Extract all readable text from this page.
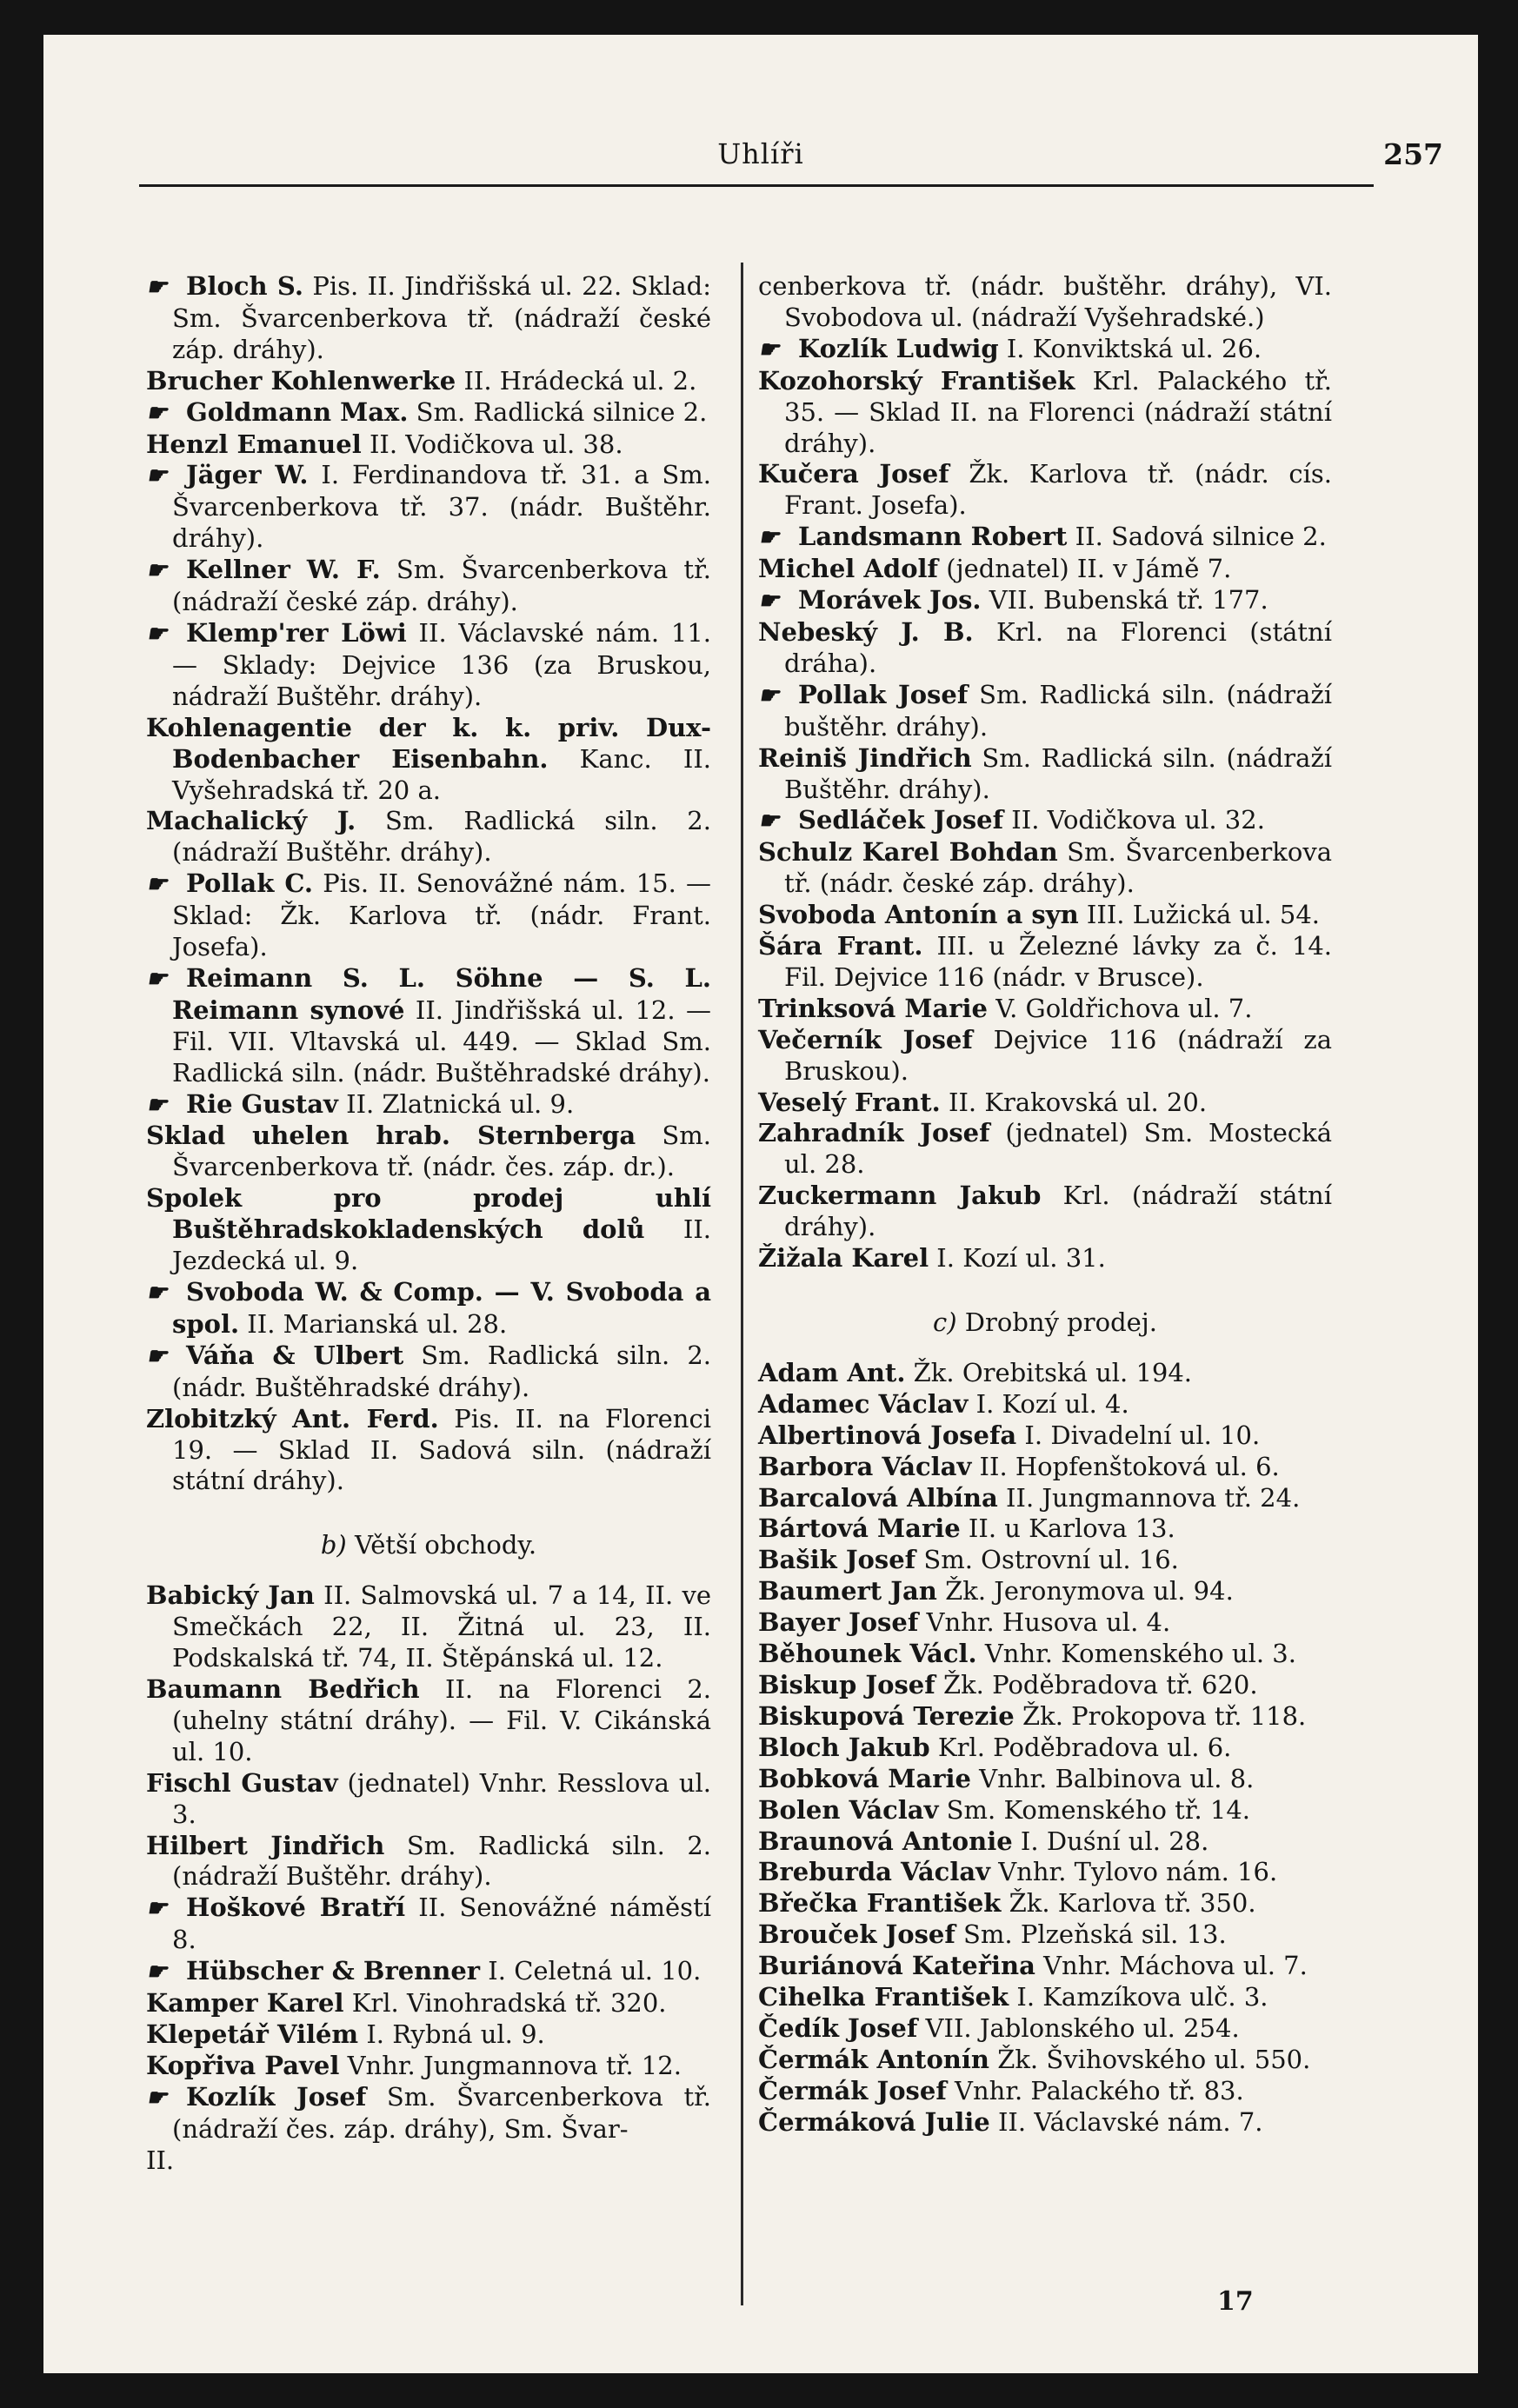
Uhlíři	257

☛ Bloch S. Pis. II. Jindřišská ul. 22. Sklad: Sm. Švarcenberkova tř. (nádraží české záp. dráhy).

Brucher Kohlenwerke II. Hrádecká ul. 2.

☛ Goldmann Max. Sm. Radlická silnice 2.

Henzl Emanuel II. Vodičkova ul. 38.

☛ Jäger W. I. Ferdinandova tř. 31. a Sm. Švarcenberkova tř. 37. (nádr. Buštěhr. dráhy).

☛ Kellner W. F. Sm. Švarcenberkova tř. (nádraží české záp. dráhy).

☛ Klemp'rer Löwi II. Václavské nám. 11. — Sklady: Dejvice 136 (za Bruskou, nádraží Buštěhr. dráhy).

Kohlenagentie der k. k. priv. Dux-Bodenbacher Eisenbahn. Kanc. II. Vyšehradská tř. 20 a.

Machalický J. Sm. Radlická siln. 2. (nádraží Buštěhr. dráhy).

☛ Pollak C. Pis. II. Senovážné nám. 15. — Sklad: Žk. Karlova tř. (nádr. Frant. Josefa).

☛ Reimann S. L. Söhne — S. L. Reimann synové II. Jindřišská ul. 12. — Fil. VII. Vltavská ul. 449. — Sklad Sm. Radlická siln. (nádr. Buštěhradské dráhy).

☛ Rie Gustav II. Zlatnická ul. 9.

Sklad uhelen hrab. Sternberga Sm. Švarcenberkova tř. (nádr. čes. záp. dr.).

Spolek pro prodej uhlí Buštěhradskokladenských dolů II. Jezdecká ul. 9.

☛ Svoboda W. & Comp. — V. Svoboda a spol. II. Marianská ul. 28.

☛ Váňa & Ulbert Sm. Radlická siln. 2. (nádr. Buštěhradské dráhy).

Zlobitzký Ant. Ferd. Pis. II. na Florenci 19. — Sklad II. Sadová siln. (nádraží státní dráhy).

b) Větší obchody.

Babický Jan II. Salmovská ul. 7 a 14, II. ve Smečkách 22, II. Žitná ul. 23, II. Podskalská tř. 74, II. Štěpánská ul. 12.

Baumann Bedřich II. na Florenci 2. (uhelny státní dráhy). — Fil. V. Cikánská ul. 10.

Fischl Gustav (jednatel) Vnhr. Resslova ul. 3.

Hilbert Jindřich Sm. Radlická siln. 2. (nádraží Buštěhr. dráhy).

☛ Hoškové Bratří II. Senovážné náměstí 8.

☛ Hübscher & Brenner I. Celetná ul. 10.

Kamper Karel Krl. Vinohradská tř. 320.

Klepetář Vilém I. Rybná ul. 9.

Kopřiva Pavel Vnhr. Jungmannova tř. 12.

☛ Kozlík Josef Sm. Švarcenberkova tř. (nádraží čes. záp. dráhy), Sm. Švar-

II.

cenberkova tř. (nádr. buštěhr. dráhy), VI. Svobodova ul. (nádraží Vyšehradské.)

☛ Kozlík Ludwig I. Konviktská ul. 26.

Kozohorský František Krl. Palackého tř. 35. — Sklad II. na Florenci (nádraží státní dráhy).

Kučera Josef Žk. Karlova tř. (nádr. cís. Frant. Josefa).

☛ Landsmann Robert II. Sadová silnice 2.

Michel Adolf (jednatel) II. v Jámě 7.

☛ Morávek Jos. VII. Bubenská tř. 177.

Nebeský J. B. Krl. na Florenci (státní dráha).

☛ Pollak Josef Sm. Radlická siln. (nádraží buštěhr. dráhy).

Reiniš Jindřich Sm. Radlická siln. (nádraží Buštěhr. dráhy).

☛ Sedláček Josef II. Vodičkova ul. 32.

Schulz Karel Bohdan Sm. Švarcenberkova tř. (nádr. české záp. dráhy).

Svoboda Antonín a syn III. Lužická ul. 54.

Šára Frant. III. u Železné lávky za č. 14. Fil. Dejvice 116 (nádr. v Brusce).

Trinksová Marie V. Goldřichova ul. 7.

Večerník Josef Dejvice 116 (nádraží za Bruskou).

Veselý Frant. II. Krakovská ul. 20.

Zahradník Josef (jednatel) Sm. Mostecká ul. 28.

Zuckermann Jakub Krl. (nádraží státní dráhy).

Žižala Karel I. Kozí ul. 31.

c) Drobný prodej.

Adam Ant. Žk. Orebitská ul. 194.

Adamec Václav I. Kozí ul. 4.

Albertinová Josefa I. Divadelní ul. 10.

Barbora Václav II. Hopfenštoková ul. 6.

Barcalová Albína II. Jungmannova tř. 24.

Bártová Marie II. u Karlova 13.

Bašik Josef Sm. Ostrovní ul. 16.

Baumert Jan Žk. Jeronymova ul. 94.

Bayer Josef Vnhr. Husova ul. 4.

Běhounek Václ. Vnhr. Komenského ul. 3.

Biskup Josef Žk. Poděbradova tř. 620.

Biskupová Terezie Žk. Prokopova tř. 118.

Bloch Jakub Krl. Poděbradova ul. 6.

Bobková Marie Vnhr. Balbinova ul. 8.

Bolen Václav Sm. Komenského tř. 14.

Braunová Antonie I. Duśní ul. 28.

Breburda Václav Vnhr. Tylovo nám. 16.

Břečka František Žk. Karlova tř. 350.

Brouček Josef Sm. Plzeňská sil. 13.

Buriánová Kateřina Vnhr. Máchova ul. 7.

Cihelka František I. Kamzíkova ulč. 3.

Čedík Josef VII. Jablonského ul. 254.

Čermák Antonín Žk. Švihovského ul. 550.

Čermák Josef Vnhr. Palackého tř. 83.

Čermáková Julie II. Václavské nám. 7.

17
